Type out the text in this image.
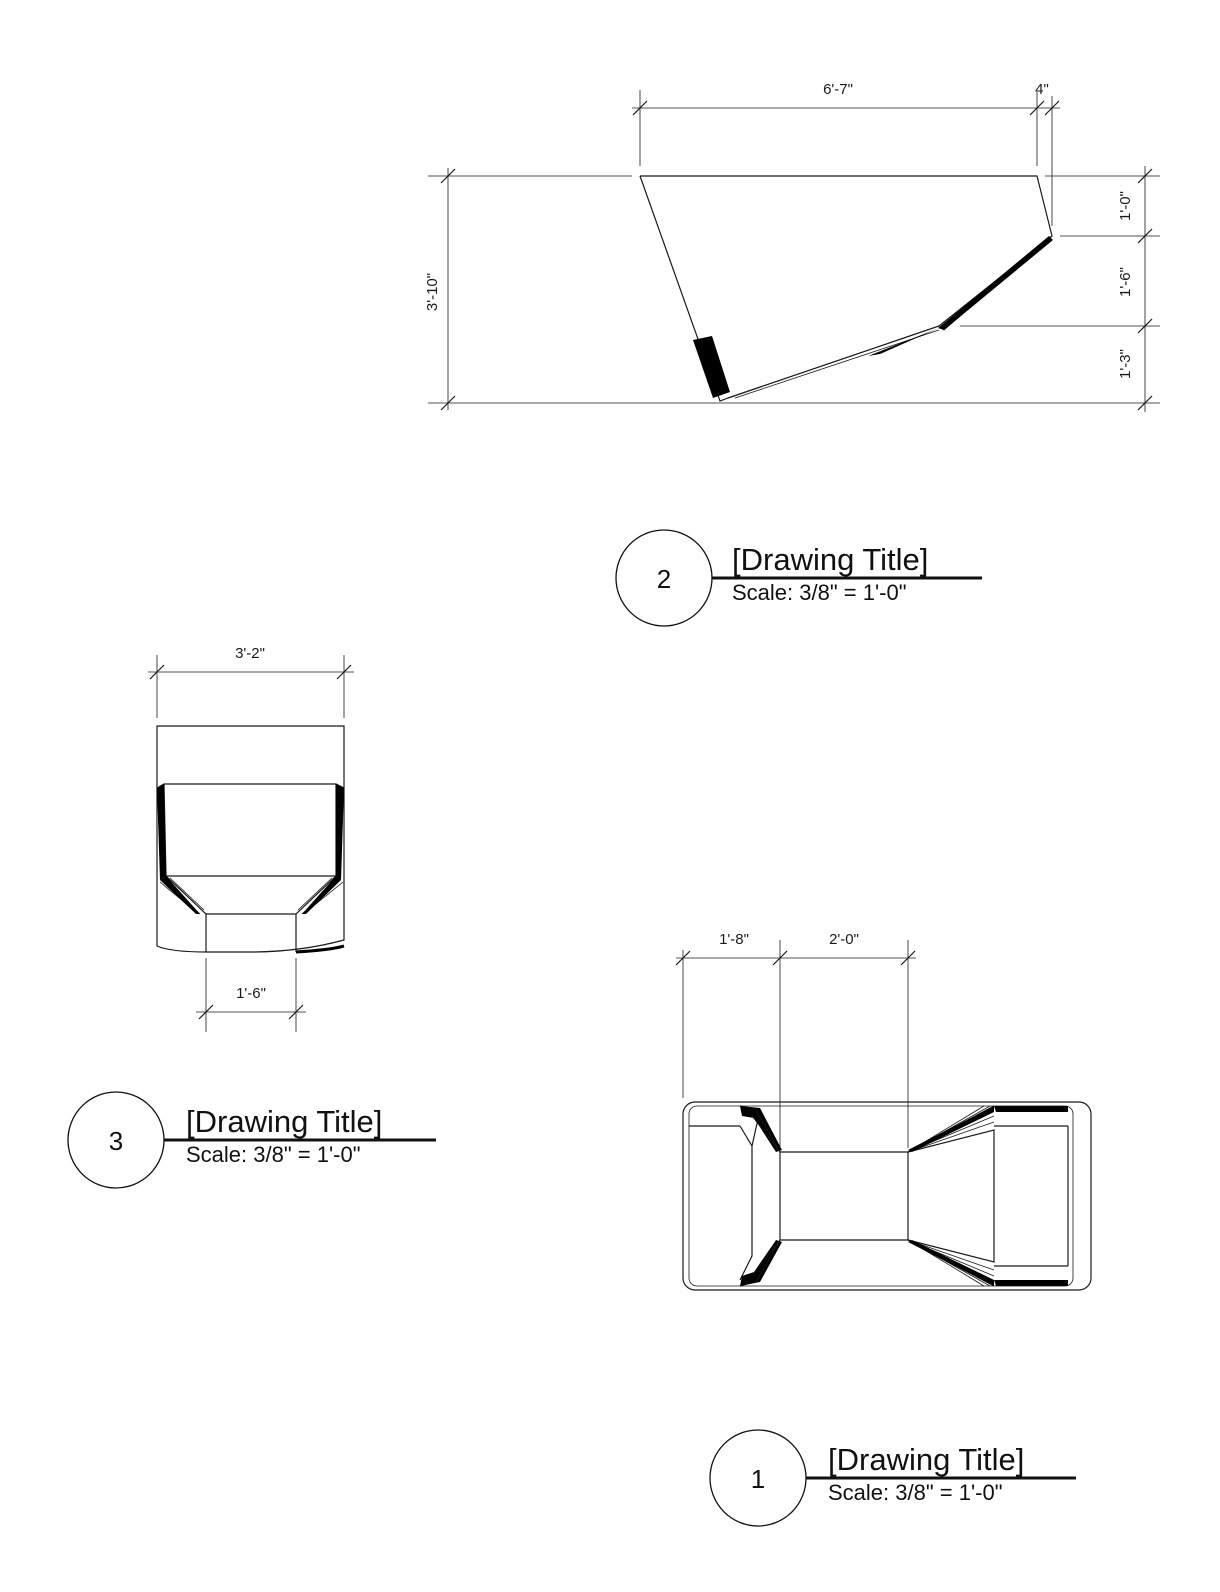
3'-10"
6'-7"	4"
1'-0"
1'-6"
1'-3"
2
[Drawing Title]
Scale: 3/8" = 1'-0"
3'-2"
1'-6"
3
[Drawing Title]
Scale: 3/8" = 1'-0"
1'-8"	2'-0"
1
[Drawing Title]
Scale: 3/8" = 1'-0"
